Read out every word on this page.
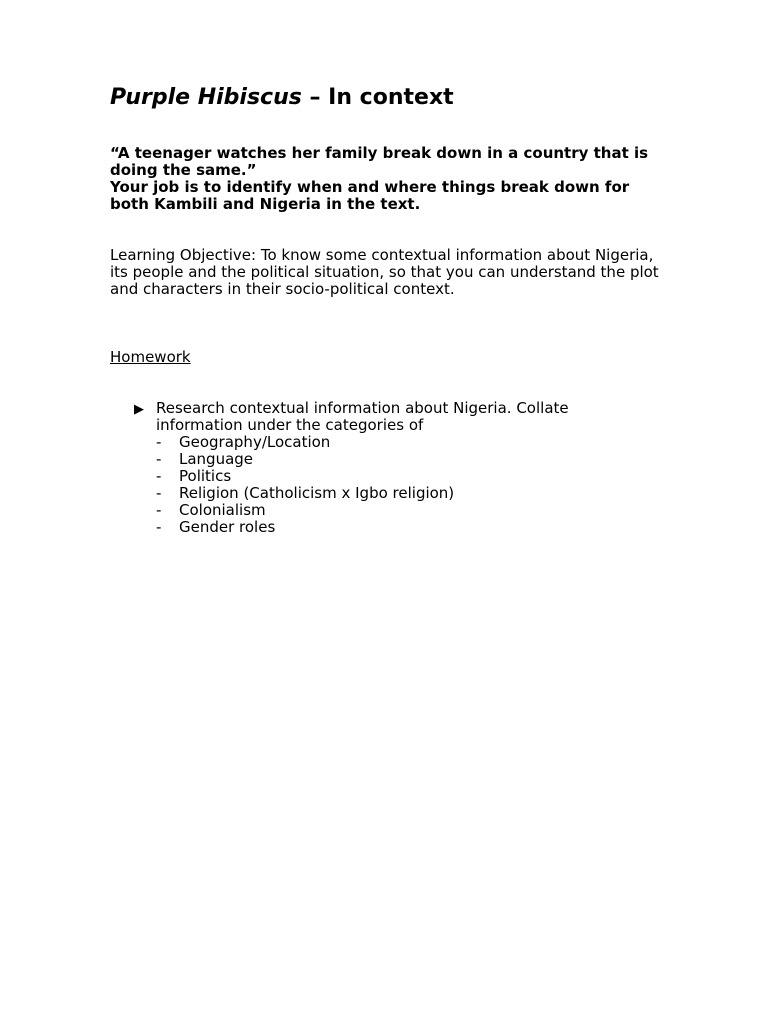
Purple Hibiscus – In context

“A teenager watches her family break down in a country that is doing the same.”

Your job is to identify when and where things break down for both Kambili and Nigeria in the text.

Learning Objective: To know some contextual information about Nigeria, its people and the political situation, so that you can understand the plot and characters in their socio-political context.

Homework

▶ Research contextual information about Nigeria. Collate information under the categories of
- Geography/Location
- Language
- Politics
- Religion (Catholicism x Igbo religion)
- Colonialism
- Gender roles
